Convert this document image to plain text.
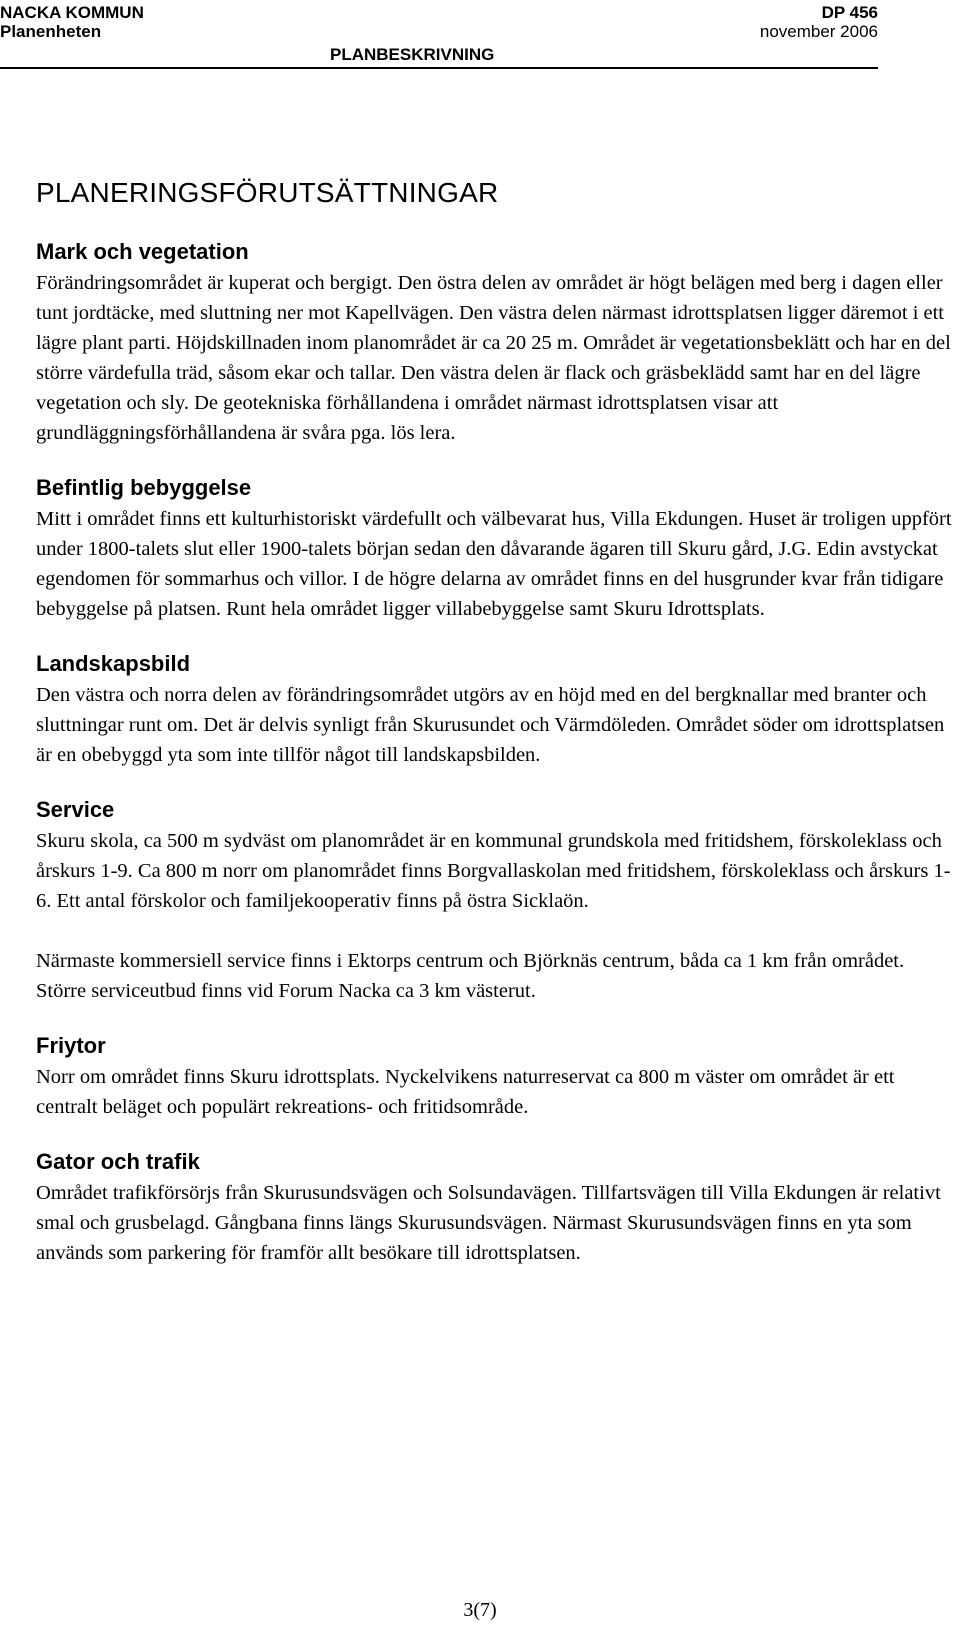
NACKA KOMMUN	DP 456
Planenheten	november 2006
PLANBESKRIVNING
PLANERINGSFÖRUTSÄTTNINGAR
Mark och vegetation

Förändringsområdet är kuperat och bergigt. Den östra delen av området är högt belägen med berg i dagen eller tunt jordtäcke, med sluttning ner mot Kapellvägen. Den västra delen närmast idrottsplatsen ligger däremot i ett lägre plant parti. Höjdskillnaden inom planområdet är ca 20 25 m. Området är vegetationsbeklätt och har en del större värdefulla träd, såsom ekar och tallar. Den västra delen är flack och gräsbeklädd samt har en del lägre vegetation och sly. De geotekniska förhållandena i området närmast idrottsplatsen visar att grundläggningsförhållandena är svåra pga. lös lera.

Befintlig bebyggelse

Mitt i området finns ett kulturhistoriskt värdefullt och välbevarat hus, Villa Ekdungen. Huset är troligen uppfört under 1800-talets slut eller 1900-talets början sedan den dåvarande ägaren till Skuru gård, J.G. Edin avstyckat egendomen för sommarhus och villor. I de högre delarna av området finns en del husgrunder kvar från tidigare bebyggelse på platsen. Runt hela området ligger villabebyggelse samt Skuru Idrottsplats.

Landskapsbild

Den västra och norra delen av förändringsområdet utgörs av en höjd med en del bergknallar med branter och sluttningar runt om. Det är delvis synligt från Skurusundet och Värmdöleden. Området söder om idrottsplatsen är en obebyggd yta som inte tillför något till landskapsbilden.

Service

Skuru skola, ca 500 m sydväst om planområdet är en kommunal grundskola med fritidshem, förskoleklass och årskurs 1-9. Ca 800 m norr om planområdet finns Borgvallaskolan med fritidshem, förskoleklass och årskurs 1-6. Ett antal förskolor och familjekooperativ finns på östra Sicklaön.

Närmaste kommersiell service finns i Ektorps centrum och Björknäs centrum, båda ca 1 km från området. Större serviceutbud finns vid Forum Nacka ca 3 km västerut.

Friytor

Norr om området finns Skuru idrottsplats. Nyckelvikens naturreservat ca 800 m väster om området är ett centralt beläget och populärt rekreations- och fritidsområde.

Gator och trafik

Området trafikförsörjs från Skurusundsvägen och Solsundavägen. Tillfartsvägen till Villa Ekdungen är relativt smal och grusbelagd. Gångbana finns längs Skurusundsvägen. Närmast Skurusundsvägen finns en yta som används som parkering för framför allt besökare till idrottsplatsen.

3(7)
